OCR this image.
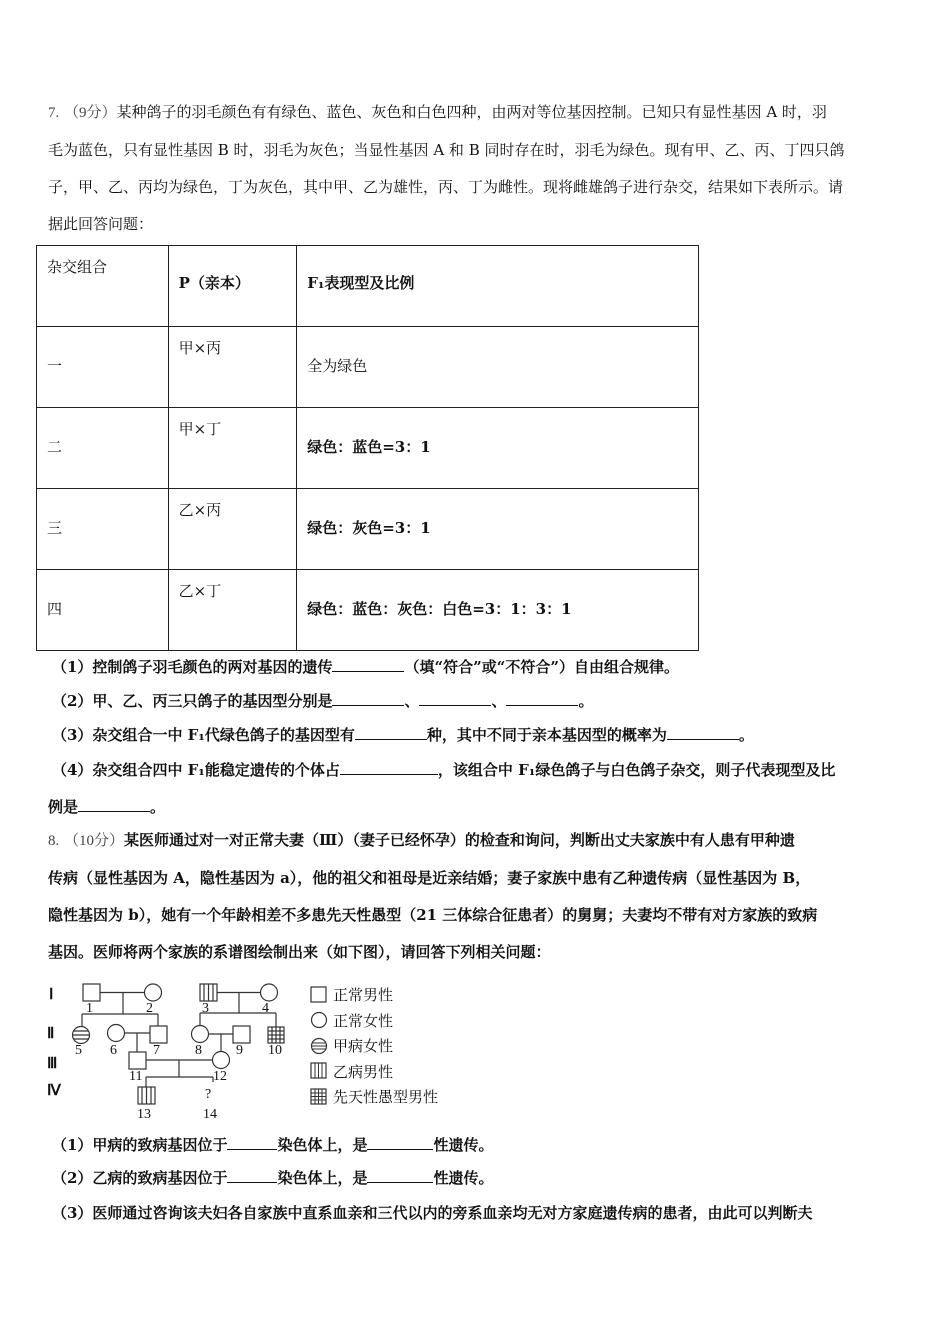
7. （9分）某种鸽子的羽毛颜色有有绿色、蓝色、灰色和白色四种，由两对等位基因控制。已知只有显性基因 A 时，羽
毛为蓝色，只有显性基因 B 时，羽毛为灰色；当显性基因 A 和 B 同时存在时，羽毛为绿色。现有甲、乙、丙、丁四只鸽
子，甲、乙、丙均为绿色，丁为灰色，其中甲、乙为雄性，丙、丁为雌性。现将雌雄鸽子进行杂交，结果如下表所示。请
据此回答问题：
杂交组合	P（亲本）	F₁表现型及比例

一	甲×丙	全为绿色

二	甲×丁	绿色：蓝色=3：1

三	乙×丙	绿色：灰色=3：1

四	乙×丁	绿色：蓝色：灰色：白色=3：1：3：1
（1）控制鸽子羽毛颜色的两对基因的遗传	（填“符合”或“不符合”）自由组合规律。
（2）甲、乙、丙三只鸽子的基因型分别是	、	、	。
（3）杂交组合一中 F₁代绿色鸽子的基因型有	种，其中不同于亲本基因型的概率为	。
（4）杂交组合四中 F₁能稳定遗传的个体占	，该组合中 F₁绿色鸽子与白色鸽子杂交，则子代表现型及比
例是	。
8. （10分）某医师通过对一对正常夫妻（Ⅲ）（妻子已经怀孕）的检查和询问，判断出丈夫家族中有人患有甲种遗
传病（显性基因为 A，隐性基因为 a），他的祖父和祖母是近亲结婚；妻子家族中患有乙种遗传病（显性基因为 B，
隐性基因为 b），她有一个年龄相差不多患先天性愚型（21 三体综合征患者）的舅舅；夫妻均不带有对方家族的致病
基因。医师将两个家族的系谱图绘制出来（如下图），请回答下列相关问题：
Ⅰ
Ⅱ
Ⅲ
Ⅳ
1	2	3	4
5 6	7	8 9 10
11	12
?
13	14
正常男性
正常女性
甲病女性
乙病男性
先天性愚型男性
（1）甲病的致病基因位于	染色体上，是	性遗传。
（2）乙病的致病基因位于	染色体上，是	性遗传。
（3）医师通过咨询该夫妇各自家族中直系血亲和三代以内的旁系血亲均无对方家庭遗传病的患者，由此可以判断夫
